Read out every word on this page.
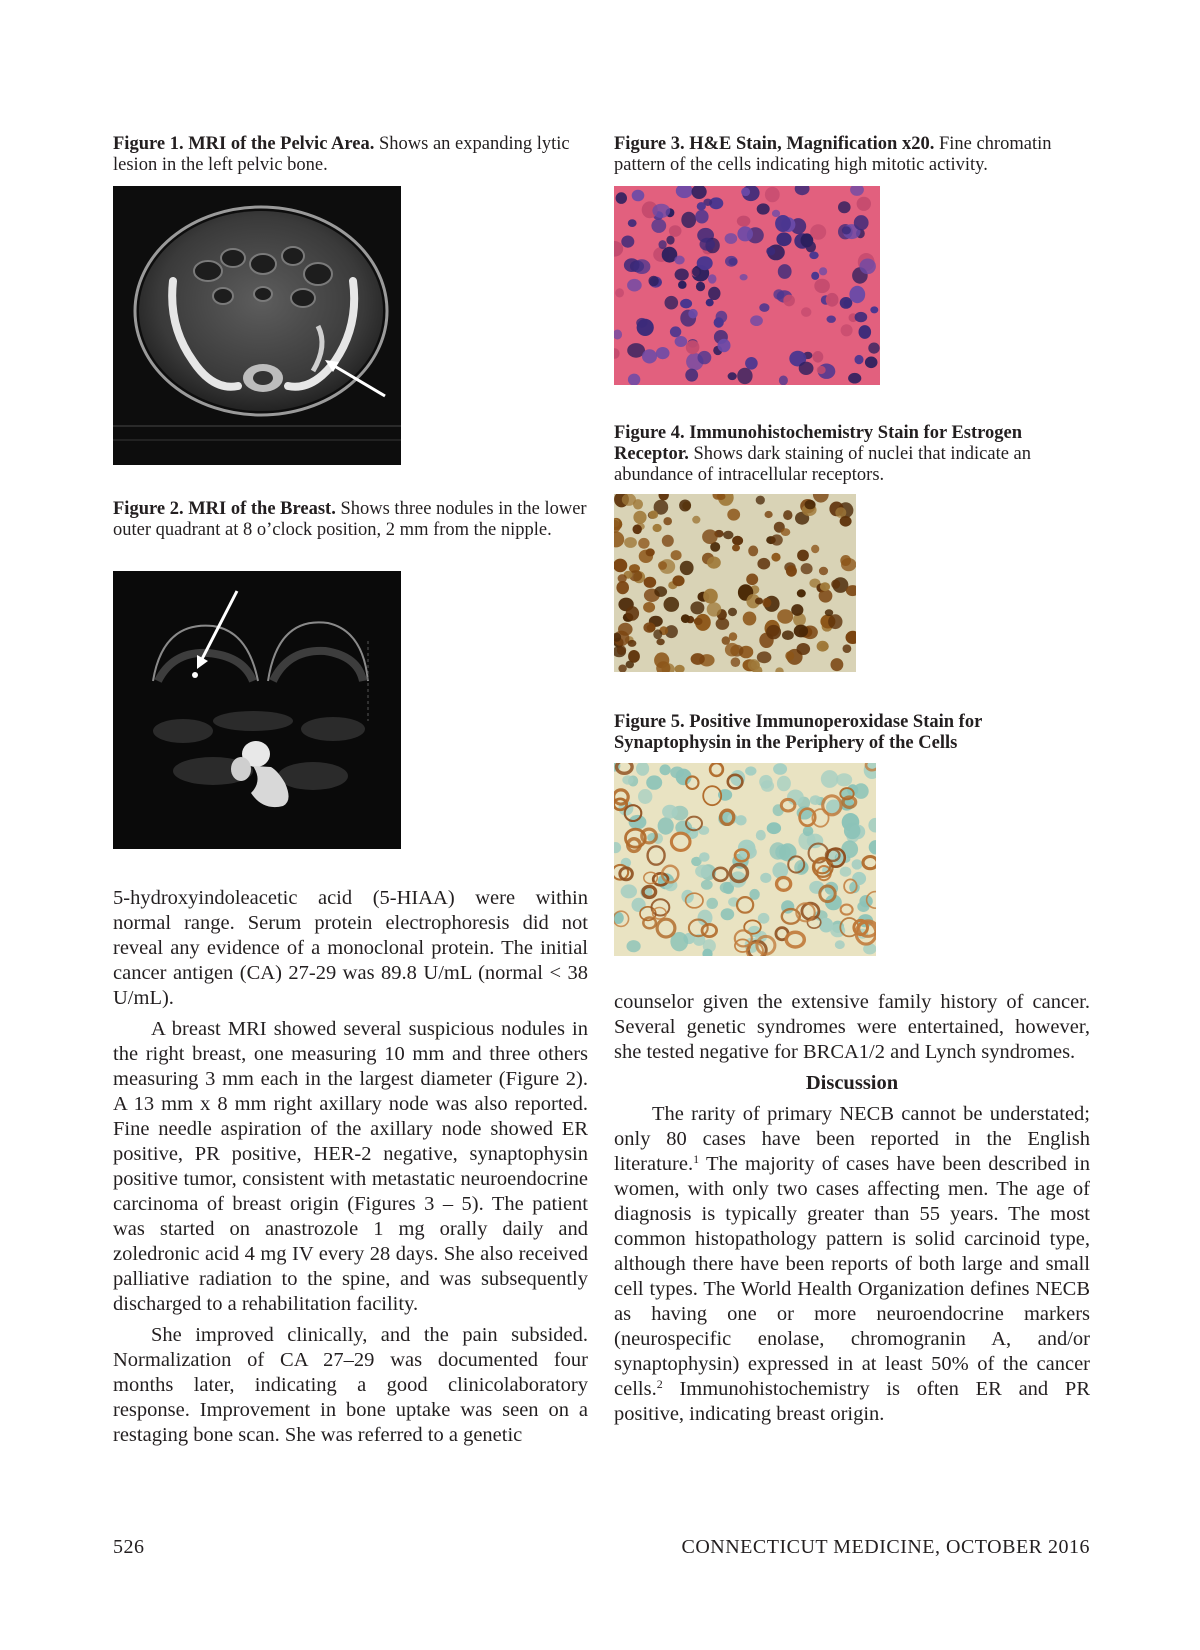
Figure 1. MRI of the Pelvic Area. Shows an expanding lytic lesion in the left pelvic bone.

Figure 2. MRI of the Breast. Shows three nodules in the lower outer quadrant at 8 o’clock position, 2 mm from the nipple.

5-hydroxyindoleacetic acid (5-HIAA) were within normal range. Serum protein electrophoresis did not reveal any evidence of a monoclonal protein. The initial cancer antigen (CA) 27-29 was 89.8 U/mL (normal < 38 U/mL).

A breast MRI showed several suspicious nodules in the right breast, one measuring 10 mm and three others measuring 3 mm each in the largest diameter (Figure 2). A 13 mm x 8 mm right axillary node was also reported. Fine needle aspiration of the axillary node showed ER positive, PR positive, HER-2 negative, synaptophysin positive tumor, consistent with metastatic neuroendocrine carcinoma of breast origin (Figures 3 – 5). The patient was started on anastrozole 1 mg orally daily and zoledronic acid 4 mg IV every 28 days. She also received palliative radiation to the spine, and was subsequently discharged to a rehabilitation facility.

She improved clinically, and the pain subsided. Normalization of CA 27–29 was documented four months later, indicating a good clinicolaboratory response. Improvement in bone uptake was seen on a restaging bone scan. She was referred to a genetic

Figure 3. H&E Stain, Magnification x20. Fine chromatin pattern of the cells indicating high mitotic activity.

Figure 4. Immunohistochemistry Stain for Estrogen Receptor. Shows dark staining of nuclei that indicate an abundance of intracellular receptors.

Figure 5. Positive Immunoperoxidase Stain for Synaptophysin in the Periphery of the Cells

counselor given the extensive family history of cancer. Several genetic syndromes were entertained, however, she tested negative for BRCA1/2 and Lynch syndromes.

Discussion

The rarity of primary NECB cannot be understated; only 80 cases have been reported in the English literature.$^1$ The majority of cases have been described in women, with only two cases affecting men. The age of diagnosis is typically greater than 55 years. The most common histopathology pattern is solid carcinoid type, although there have been reports of both large and small cell types. The World Health Organization defines NECB as having one or more neuroendocrine markers (neurospecific enolase, chromogranin A, and/or synaptophysin) expressed in at least 50% of the cancer cells.$^2$ Immunohistochemistry is often ER and PR positive, indicating breast origin.

526	CONNECTICUT MEDICINE, OCTOBER 2016
